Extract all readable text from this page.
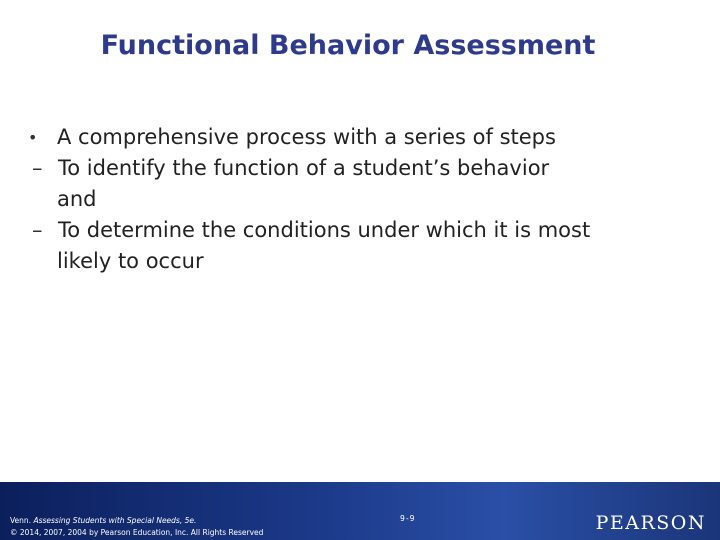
Functional Behavior Assessment
• A comprehensive process with a series of steps
– To identify the function of a student’s behavior
and
– To determine the conditions under which it is most
likely to occur
Venn. Assessing Students with Special Needs, 5e.
© 2014, 2007, 2004 by Pearson Education, Inc. All Rights Reserved
9-9	PEARSON
